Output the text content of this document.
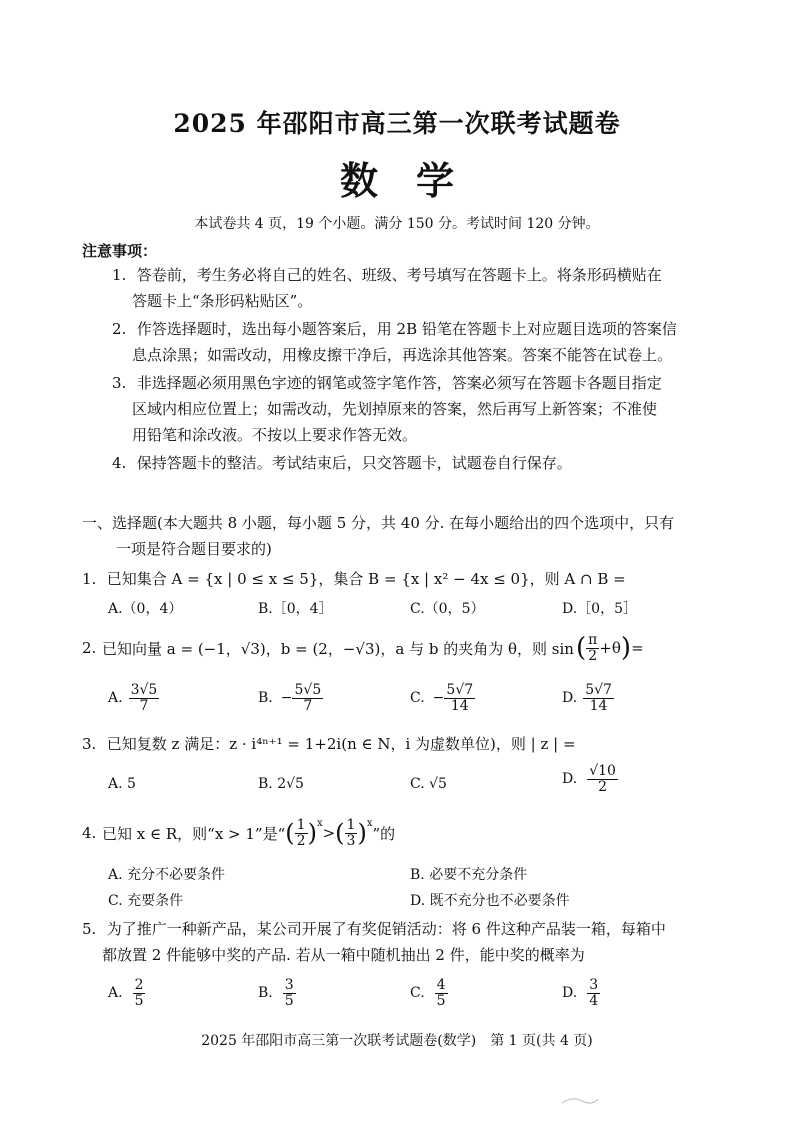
2025 年邵阳市高三第一次联考试题卷
数学
本试卷共 4 页，19 个小题。满分 150 分。考试时间 120 分钟。
注意事项：
1. 答卷前，考生务必将自己的姓名、班级、考号填写在答题卡上。将条形码横贴在
答题卡上“条形码粘贴区”。
2. 作答选择题时，选出每小题答案后，用 2B 铅笔在答题卡上对应题目选项的答案信
息点涂黑；如需改动，用橡皮擦干净后，再选涂其他答案。答案不能答在试卷上。
3. 非选择题必须用黑色字迹的钢笔或签字笔作答，答案必须写在答题卡各题目指定
区域内相应位置上；如需改动，先划掉原来的答案，然后再写上新答案；不准使
用铅笔和涂改液。不按以上要求作答无效。
4. 保持答题卡的整洁。考试结束后，只交答题卡，试题卷自行保存。
一、选择题(本大题共 8 小题，每小题 5 分，共 40 分. 在每小题给出的四个选项中，只有
一项是符合题目要求的)
1. 已知集合 A = {x | 0 ≤ x ≤ 5}，集合 B = {x | x² − 4x ≤ 0}，则 A ∩ B =
A.（0，4）	B.［0，4］	C.（0，5）	D.［0，5］
2. 已知向量 a = (−1，√3)，b = (2，−√3)，a 与 b 的夹角为 θ，则 sin ( $\frac{\pi}{2} +\theta$ ) =
A. $\frac{3√5}{7}$	B. − $\frac{5√5}{7}$	C. − $\frac{5√7}{14}$	D. $\frac{5√7}{14}$
3. 已知复数 z 满足：z · i⁴ⁿ⁺¹ = 1+2i(n ∈ N，i 为虚数单位)，则 | z | =
A. 5	B. 2√5	C. √5	D. $\frac{√10}{2}$
4. 已知 x ∈ R，则“x > 1”是“ ( $\frac{1}{2} )^x$
> ( $\frac{1}{3} )^x$
”的
A. 充分不必要条件	B. 必要不充分条件
C. 充要条件	D. 既不充分也不必要条件
5. 为了推广一种新产品，某公司开展了有奖促销活动：将 6 件这种产品装一箱，每箱中
都放置 2 件能够中奖的产品. 若从一箱中随机抽出 2 件，能中奖的概率为
A. $\frac{2}{5}$	B. $\frac{3}{5}$	C. $\frac{4}{5}$	D. $\frac{3}{4}$
2025 年邵阳市高三第一次联考试题卷(数学)　第 1 页(共 4 页)
